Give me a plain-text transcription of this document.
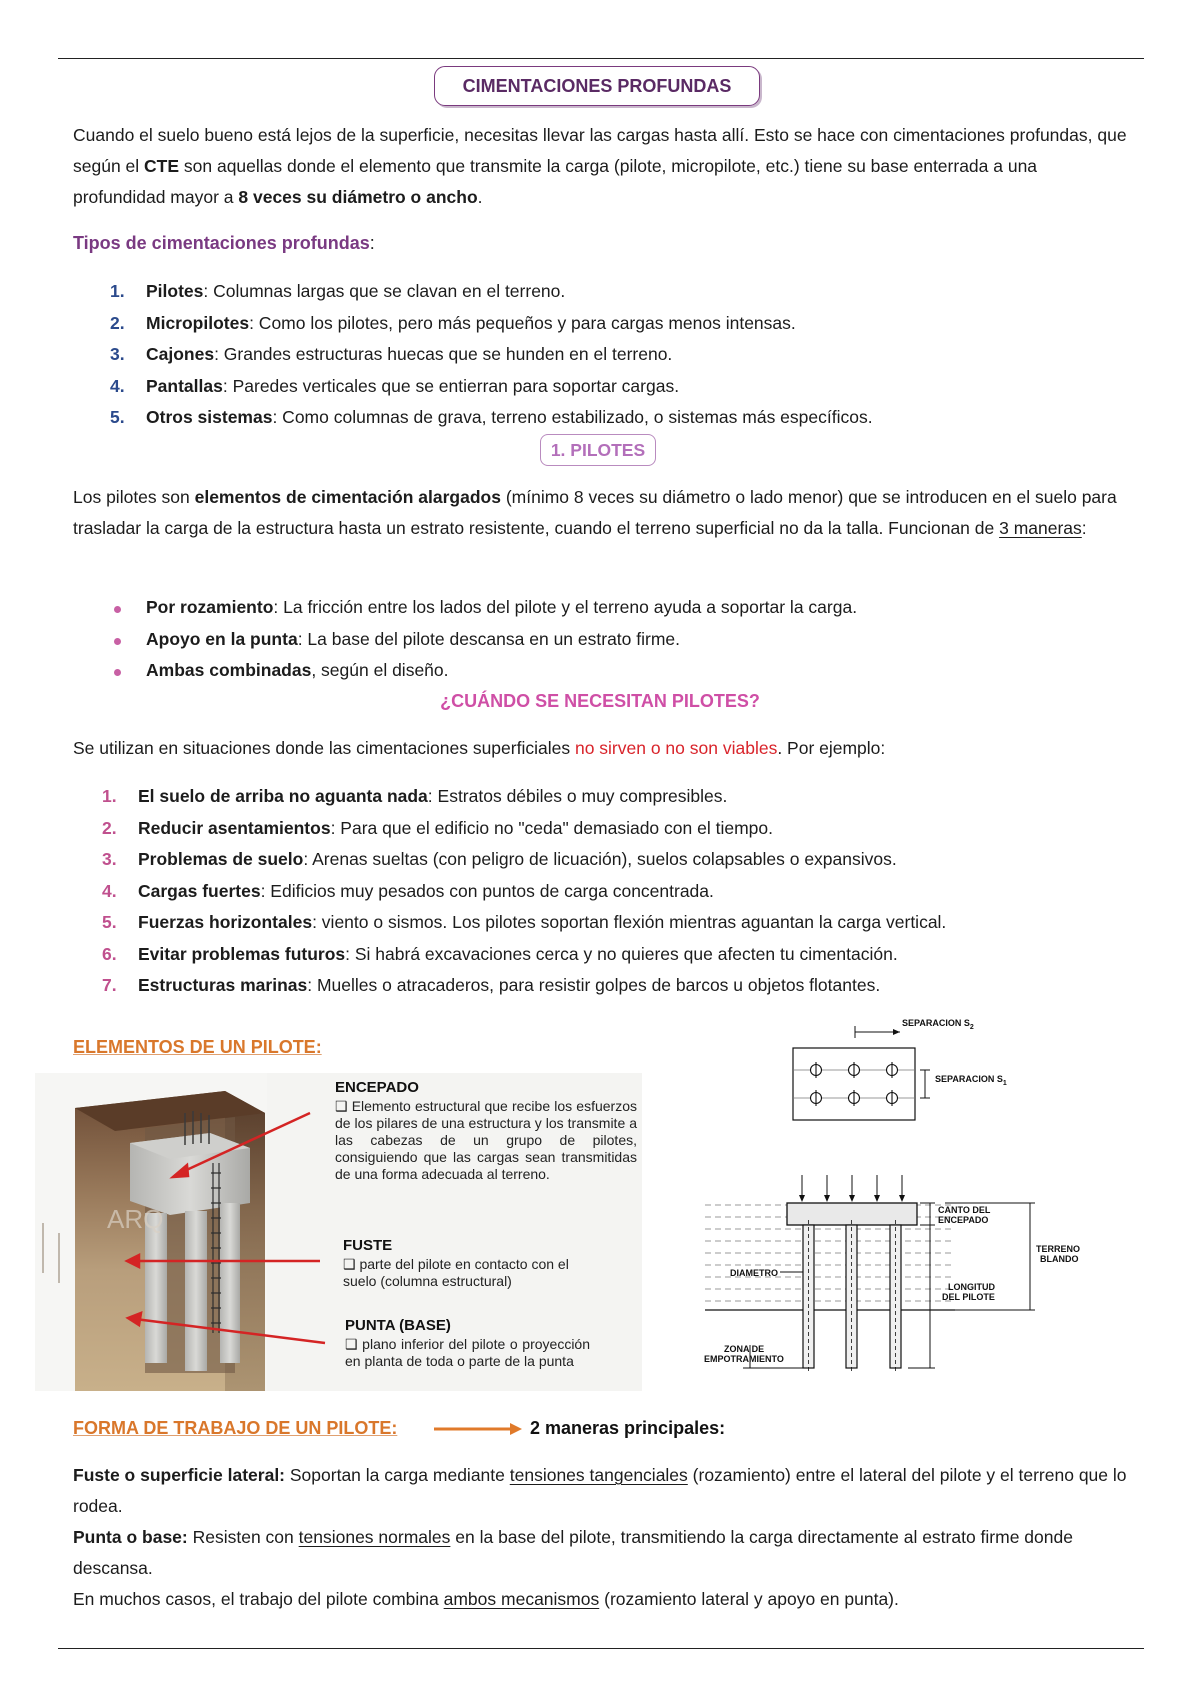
CIMENTACIONES PROFUNDAS

Cuando el suelo bueno está lejos de la superficie, necesitas llevar las cargas hasta allí. Esto se hace con cimentaciones profundas, que según el CTE son aquellas donde el elemento que transmite la carga (pilote, micropilote, etc.) tiene su base enterrada a una profundidad mayor a 8 veces su diámetro o ancho.

Tipos de cimentaciones profundas:
1. Pilotes: Columnas largas que se clavan en el terreno.
2. Micropilotes: Como los pilotes, pero más pequeños y para cargas menos intensas.
3. Cajones: Grandes estructuras huecas que se hunden en el terreno.
4. Pantallas: Paredes verticales que se entierran para soportar cargas.
5. Otros sistemas: Como columnas de grava, terreno estabilizado, o sistemas más específicos.
1. PILOTES

Los pilotes son elementos de cimentación alargados (mínimo 8 veces su diámetro o lado menor) que se introducen en el suelo para trasladar la carga de la estructura hasta un estrato resistente, cuando el terreno superficial no da la talla. Funcionan de 3 maneras:

Por rozamiento: La fricción entre los lados del pilote y el terreno ayuda a soportar la carga.
Apoyo en la punta: La base del pilote descansa en un estrato firme.
Ambas combinadas, según el diseño.
¿CUÁNDO SE NECESITAN PILOTES?

Se utilizan en situaciones donde las cimentaciones superficiales no sirven o no son viables. Por ejemplo:

1. El suelo de arriba no aguanta nada: Estratos débiles o muy compresibles.
2. Reducir asentamientos: Para que el edificio no "ceda" demasiado con el tiempo.
3. Problemas de suelo: Arenas sueltas (con peligro de licuación), suelos colapsables o expansivos.
4. Cargas fuertes: Edificios muy pesados con puntos de carga concentrada.
5. Fuerzas horizontales: viento o sismos. Los pilotes soportan flexión mientras aguantan la carga vertical.
6. Evitar problemas futuros: Si habrá excavaciones cerca y no quieres que afecten tu cimentación.
7. Estructuras marinas: Muelles o atracaderos, para resistir golpes de barcos u objetos flotantes.
ELEMENTOS DE UN PILOTE:
ARQ
ENCEPADO
❑ Elemento estructural que recibe los esfuerzos de los pilares de una estructura y los transmite a las cabezas de un grupo de pilotes, consiguiendo que las cargas sean transmitidas de una forma adecuada al terreno.
FUSTE
❑ parte del pilote en contacto con el suelo (columna estructural)
PUNTA (BASE)
❑ plano inferior del pilote o proyección en planta de toda o parte de la punta
SEPARACION $S_2$
SEPARACION $S_1$
CANTO DEL
ENCEPADO
TERRENO
BLANDO
DIAMETRO
LONGITUD
DEL PILOTE
ZONA DE
EMPOTRAMIENTO
FORMA DE TRABAJO DE UN PILOTE:	2 maneras principales:

Fuste o superficie lateral: Soportan la carga mediante tensiones tangenciales (rozamiento) entre el lateral del pilote y el terreno que lo rodea.

Punta o base: Resisten con tensiones normales en la base del pilote, transmitiendo la carga directamente al estrato firme donde descansa.

En muchos casos, el trabajo del pilote combina ambos mecanismos (rozamiento lateral y apoyo en punta).
